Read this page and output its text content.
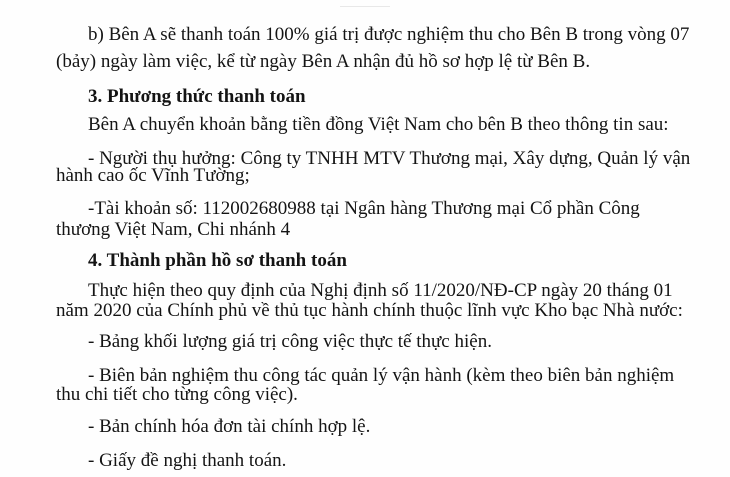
b) Bên A sẽ thanh toán 100% giá trị được nghiệm thu cho Bên B trong vòng 07
(bảy) ngày làm việc, kể từ ngày Bên A nhận đủ hồ sơ hợp lệ từ Bên B.
3. Phương thức thanh toán
Bên A chuyển khoản bằng tiền đồng Việt Nam cho bên B theo thông tin sau:
- Người thụ hưởng: Công ty TNHH MTV Thương mại, Xây dựng, Quản lý vận
hành cao ốc Vĩnh Tường;
-Tài khoản số: 112002680988 tại Ngân hàng Thương mại Cổ phần Công
thương Việt Nam, Chi nhánh 4
4. Thành phần hồ sơ thanh toán
Thực hiện theo quy định của Nghị định số 11/2020/NĐ-CP ngày 20 tháng 01
năm 2020 của Chính phủ về thủ tục hành chính thuộc lĩnh vực Kho bạc Nhà nước:
- Bảng khối lượng giá trị công việc thực tế thực hiện.
- Biên bản nghiệm thu công tác quản lý vận hành (kèm theo biên bản nghiệm
thu chi tiết cho từng công việc).
- Bản chính hóa đơn tài chính hợp lệ.
- Giấy đề nghị thanh toán.
